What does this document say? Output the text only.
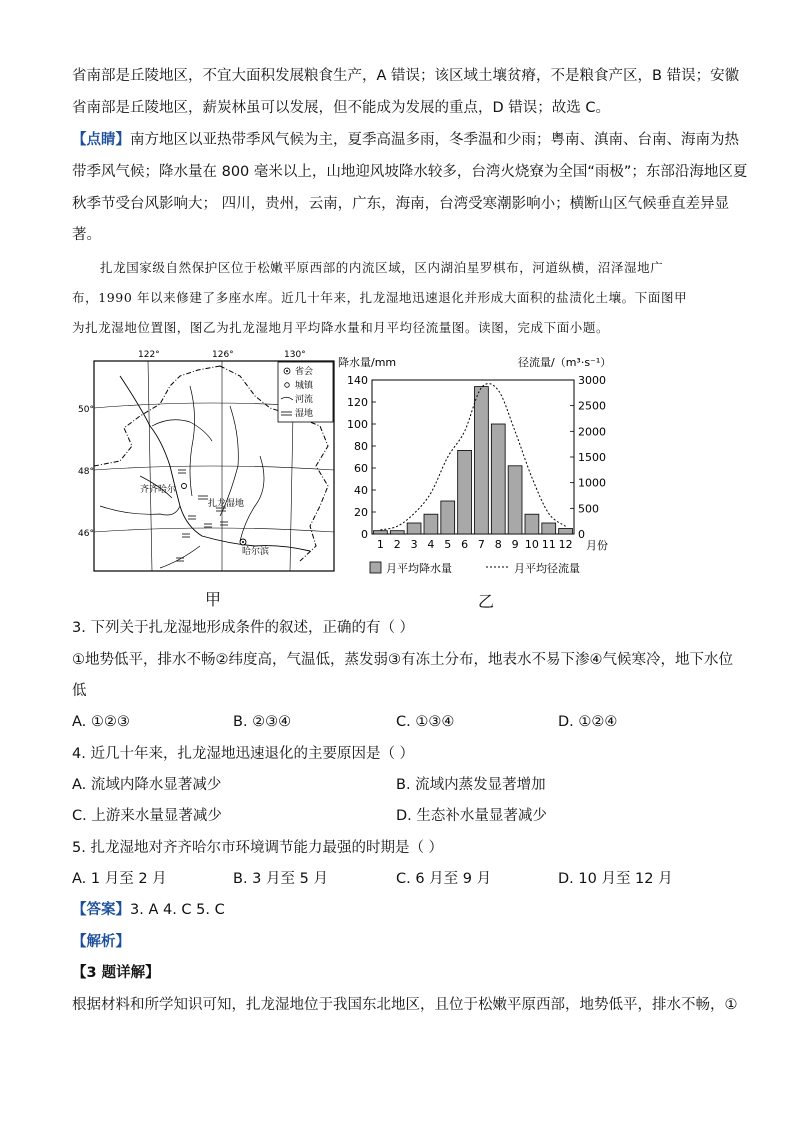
省南部是丘陵地区，不宜大面积发展粮食生产，A 错误；该区域土壤贫瘠，不是粮食产区，B 错误；安徽
省南部是丘陵地区，薪炭林虽可以发展，但不能成为发展的重点，D 错误；故选 C。
【点睛】南方地区以亚热带季风气候为主，夏季高温多雨，冬季温和少雨；粤南、滇南、台南、海南为热
带季风气候；降水量在 800 毫米以上，山地迎风坡降水较多，台湾火烧寮为全国“雨极”；东部沿海地区夏
秋季节受台风影响大； 四川，贵州，云南，广东，海南，台湾受寒潮影响小；横断山区气候垂直差异显
著。
扎龙国家级自然保护区位于松嫩平原西部的内流区域，区内湖泊星罗棋布，河道纵横，沼泽湿地广
布，1990 年以来修建了多座水库。近几十年来，扎龙湿地迅速退化并形成大面积的盐渍化土壤。下面图甲
为扎龙湿地位置图，图乙为扎龙湿地月平均降水量和月平均径流量图。读图，完成下面小题。
122°	126°	130°
50°
48°
46°
齐齐哈尔
扎龙湿地
哈尔滨
省会
城镇
河流
湿地
甲
降水量/mm	径流量/（m³·s⁻¹）
0
20
40
60
80
100
120
140
0
500
1000
1500
2000
2500
3000
1 2 3 4 5 6 7 8 9 10 11 12 月份
月平均降水量	月平均径流量
乙
3. 下列关于扎龙湿地形成条件的叙述，正确的有（ ）
①地势低平，排水不畅②纬度高，气温低，蒸发弱③有冻土分布，地表水不易下渗④气候寒冷，地下水位
低
A. ①②③	B. ②③④	C. ①③④	D. ①②④
4. 近几十年来，扎龙湿地迅速退化的主要原因是（ ）
A. 流域内降水显著减少	B. 流域内蒸发显著增加
C. 上游来水量显著减少	D. 生态补水量显著减少
5. 扎龙湿地对齐齐哈尔市环境调节能力最强的时期是（ ）
A. 1 月至 2 月	B. 3 月至 5 月	C. 6 月至 9 月	D. 10 月至 12 月
【答案】3. A 4. C 5. C
【解析】
【3 题详解】
根据材料和所学知识可知，扎龙湿地位于我国东北地区，且位于松嫩平原西部，地势低平，排水不畅，①
